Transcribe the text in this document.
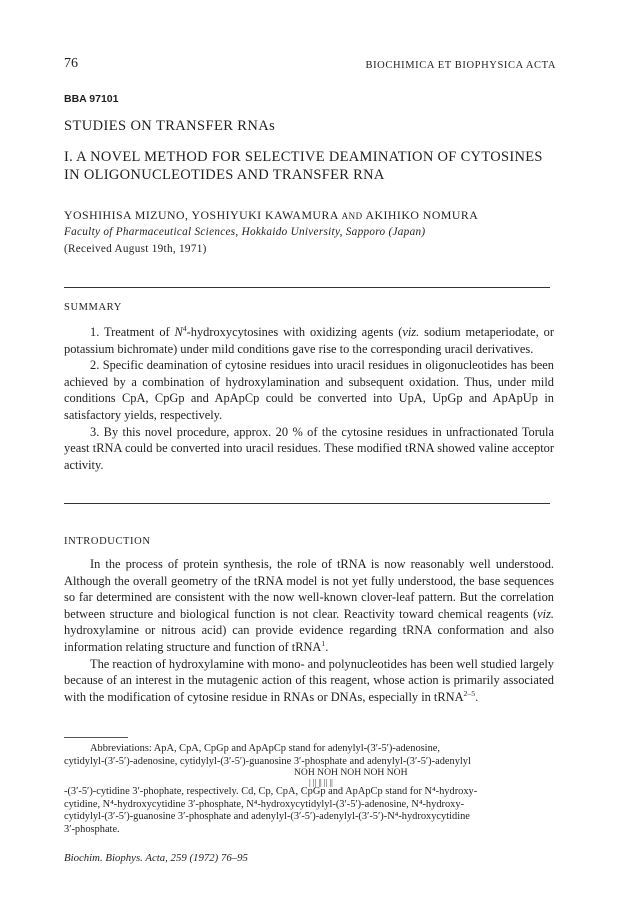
76	BIOCHIMICA ET BIOPHYSICA ACTA
BBA 97101
STUDIES ON TRANSFER RNAs
I. A NOVEL METHOD FOR SELECTIVE DEAMINATION OF CYTOSINES
IN OLIGONUCLEOTIDES AND TRANSFER RNA
YOSHIHISA MIZUNO, YOSHIYUKI KAWAMURA AND AKIHIKO NOMURA
Faculty of Pharmaceutical Sciences, Hokkaido University, Sapporo (Japan)
(Received August 19th, 1971)
SUMMARY

1. Treatment of $N^4$-hydroxycytosines with oxidizing agents (viz. sodium metaperiodate, or potassium bichromate) under mild conditions gave rise to the corresponding uracil derivatives.

2. Specific deamination of cytosine residues into uracil residues in oligonucleotides has been achieved by a combination of hydroxylamination and subsequent oxidation. Thus, under mild conditions CpA, CpGp and ApApCp could be converted into UpA, UpGp and ApApUp in satisfactory yields, respectively.

3. By this novel procedure, approx. 20 % of the cytosine residues in unfractionated Torula yeast tRNA could be converted into uracil residues. These modified tRNA showed valine acceptor activity.

INTRODUCTION

In the process of protein synthesis, the role of tRNA is now reasonably well understood. Although the overall geometry of the tRNA model is not yet fully understood, the base sequences so far determined are consistent with the now well-known clover-leaf pattern. But the correlation between structure and biological function is not clear. Reactivity toward chemical reagents (viz. hydroxylamine or nitrous acid) can provide evidence regarding tRNA conformation and also information relating structure and function of tRNA$^1$.

The reaction of hydroxylamine with mono- and polynucleotides has been well studied largely because of an interest in the mutagenic action of this reagent, whose action is primarily associated with the modification of cytosine residue in RNAs or DNAs, especially in tRNA$^{2-5}$.

Abbreviations: ApA, CpA, CpGp and ApApCp stand for adenylyl-(3′-5′)-adenosine,
cytidylyl-(3′-5′)-adenosine, cytidylyl-(3′-5′)-guanosine 3′-phosphate and adenylyl-(3′-5′)-adenylyl
NOH NOH NOH NOH NOH
| || || || ||
-(3′-5′)-cytidine 3′-phophate, respectively. Cd, Cp, CpA, CpGp and ApApCp stand for N⁴-hydroxy-
cytidine, N⁴-hydroxycytidine 3′-phosphate, N⁴-hydroxycytidylyl-(3′-5′)-adenosine, N⁴-hydroxy-
cytidylyl-(3′-5′)-guanosine 3′-phosphate and adenylyl-(3′-5′)-adenylyl-(3′-5′)-N⁴-hydroxycytidine
3′-phosphate.
Biochim. Biophys. Acta, 259 (1972) 76–95
